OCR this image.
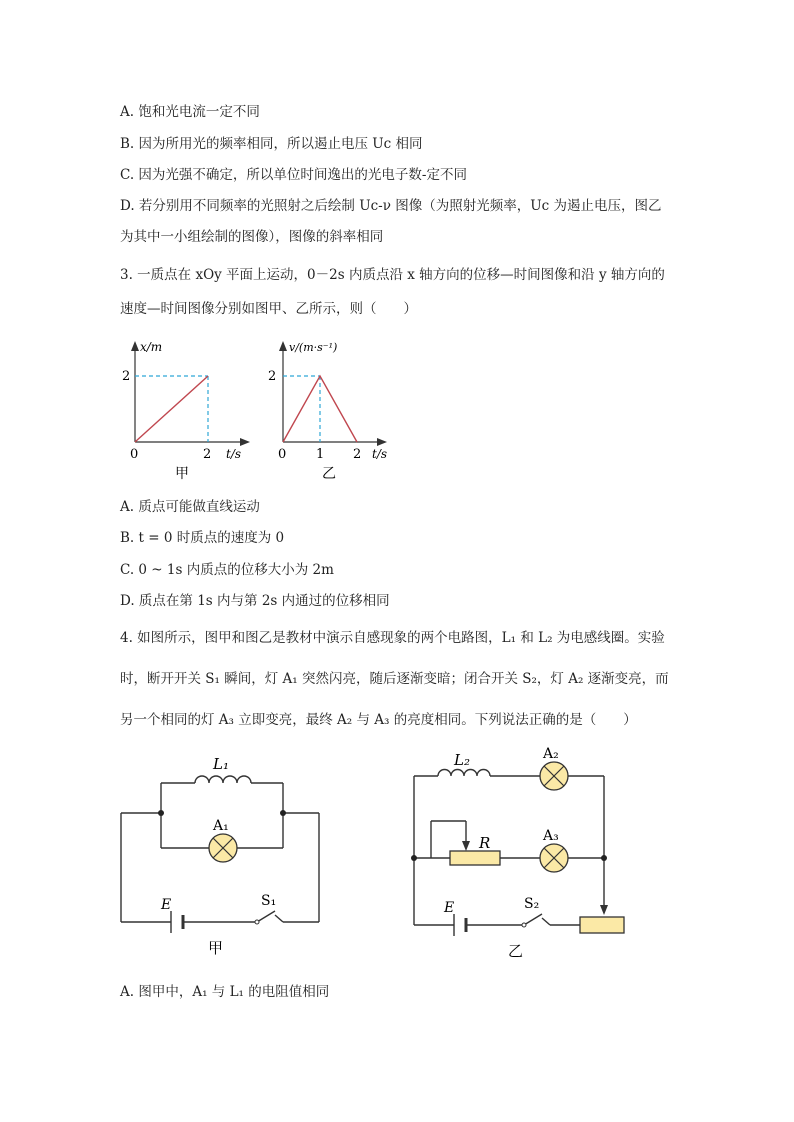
A. 饱和光电流一定不同
B. 因为所用光的频率相同，所以遏止电压 Uc 相同
C. 因为光强不确定，所以单位时间逸出的光电子数-定不同
D. 若分别用不同频率的光照射之后绘制 Uc-ν 图像（为照射光频率，Uc 为遏止电压，图乙
为其中一小组绘制的图像），图像的斜率相同
3. 一质点在 xOy 平面上运动，0－2s 内质点沿 x 轴方向的位移—时间图像和沿 y 轴方向的
速度—时间图像分别如图甲、乙所示，则（　　）
x/m
2
0	2 t/s
甲
v/(m·s⁻¹)
2
0 1 2 t/s
乙
A. 质点可能做直线运动
B. t = 0 时质点的速度为 0
C. 0 ~ 1s 内质点的位移大小为 2m
D. 质点在第 1s 内与第 2s 内通过的位移相同
4. 如图所示，图甲和图乙是教材中演示自感现象的两个电路图，L₁ 和 L₂ 为电感线圈。实验
时，断开开关 S₁ 瞬间，灯 A₁ 突然闪亮，随后逐渐变暗；闭合开关 S₂，灯 A₂ 逐渐变亮，而
另一个相同的灯 A₃ 立即变亮，最终 A₂ 与 A₃ 的亮度相同。下列说法正确的是（　　）
L₁
A₁
E	S₁
甲
L₂	A₂
A₃
R
E	S₂
乙
A. 图甲中，A₁ 与 L₁ 的电阻值相同
